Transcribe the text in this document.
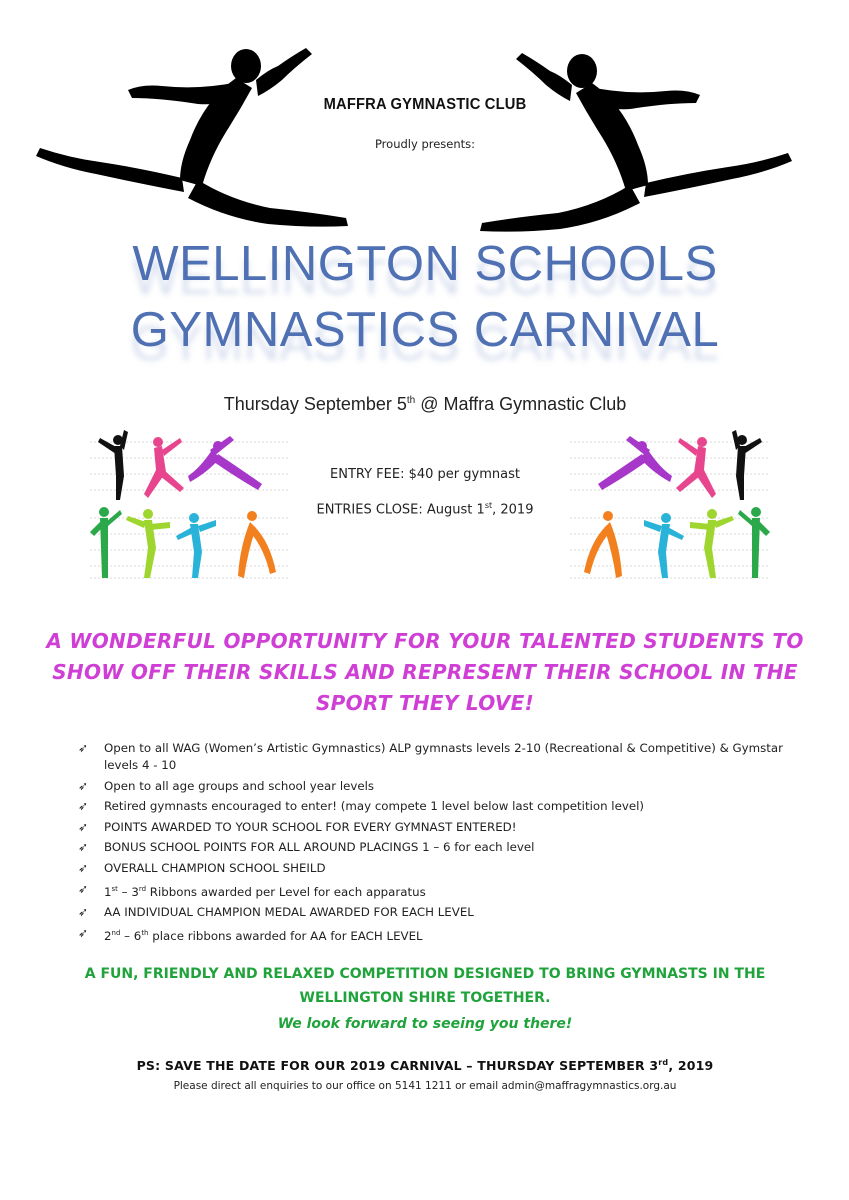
MAFFRA GYMNASTIC CLUB
Proudly presents:
WELLINGTON SCHOOLS
GYMNASTICS CARNIVAL
Thursday September 5th @ Maffra Gymnastic Club
ENTRY FEE: $40 per gymnast
ENTRIES CLOSE: August 1st, 2019
A WONDERFUL OPPORTUNITY FOR YOUR TALENTED STUDENTS TO SHOW OFF THEIR SKILLS AND REPRESENT THEIR SCHOOL IN THE SPORT THEY LOVE!
➶ Open to all WAG (Women’s Artistic Gymnastics) ALP gymnasts levels 2-10 (Recreational & Competitive) & Gymstar levels 4 - 10
➶ Open to all age groups and school year levels
➶ Retired gymnasts encouraged to enter! (may compete 1 level below last competition level)
➶ POINTS AWARDED TO YOUR SCHOOL FOR EVERY GYMNAST ENTERED!
➶ BONUS SCHOOL POINTS FOR ALL AROUND PLACINGS 1 – 6 for each level
➶ OVERALL CHAMPION SCHOOL SHEILD
➶ 1st – 3rd Ribbons awarded per Level for each apparatus
➶ AA INDIVIDUAL CHAMPION MEDAL AWARDED FOR EACH LEVEL
➶ 2nd – 6th place ribbons awarded for AA for EACH LEVEL
A FUN, FRIENDLY AND RELAXED COMPETITION DESIGNED TO BRING GYMNASTS IN THE
WELLINGTON SHIRE TOGETHER.
We look forward to seeing you there!
PS: SAVE THE DATE FOR OUR 2019 CARNIVAL – THURSDAY SEPTEMBER 3rd, 2019
Please direct all enquiries to our office on 5141 1211 or email admin@maffragymnastics.org.au
